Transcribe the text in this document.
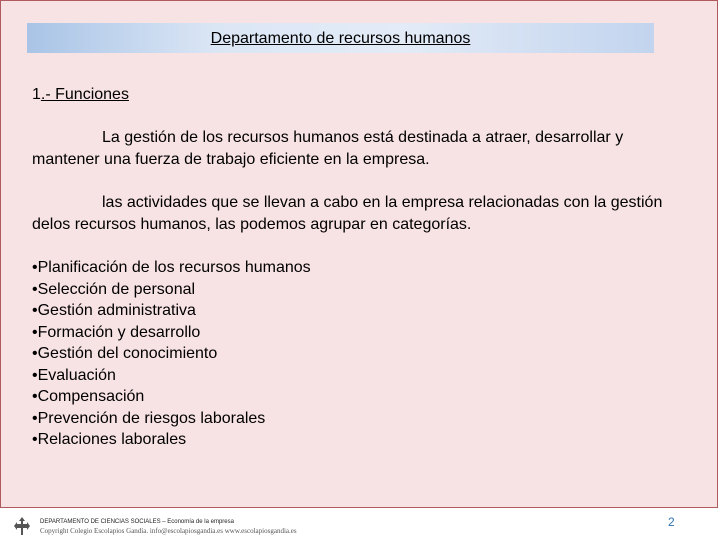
Departamento de recursos humanos
1.- Funciones
La gestión de los recursos humanos está destinada a atraer, desarrollar y mantener una fuerza de trabajo eficiente en la empresa.
las actividades que se llevan a cabo en la empresa relacionadas con la gestión delos recursos humanos, las podemos agrupar en categorías.
•Planificación de los recursos humanos
•Selección de personal
•Gestión administrativa
•Formación y desarrollo
•Gestión del conocimiento
•Evaluación
•Compensación
•Prevención de riesgos laborales
•Relaciones laborales
DEPARTAMENTO DE CIENCIAS SOCIALES – Economía de la empresa
Copyright Colegio Escolapios Gandía. info@escolapiosgandia.es www.escolapiosgandia.es
2
